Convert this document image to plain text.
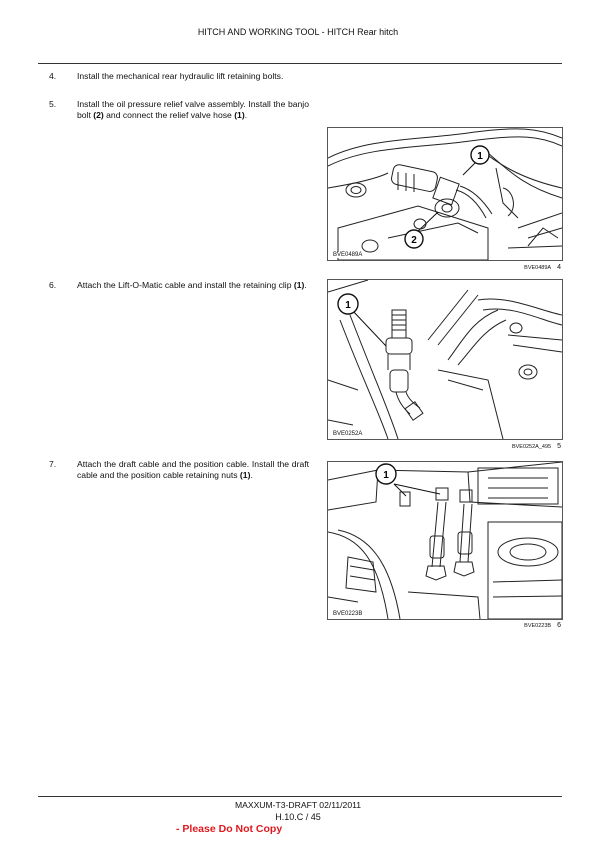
HITCH AND WORKING TOOL - HITCH Rear hitch
4. Install the mechanical rear hydraulic lift retaining bolts.
5. Install the oil pressure relief valve assembly. Install the banjo bolt (2) and connect the relief valve hose (1).
1
2
BVE0489A
BVE0489A 4
6. Attach the Lift-O-Matic cable and install the retaining clip (1).
1
BVE0252A
BVE0252A_495 5
7. Attach the draft cable and the position cable. Install the draft cable and the position cable retaining nuts (1).	1
BVE0223B
BVE0223B 6
MAXXUM-T3-DRAFT 02/11/2011
H.10.C / 45
- Please Do Not Copy
